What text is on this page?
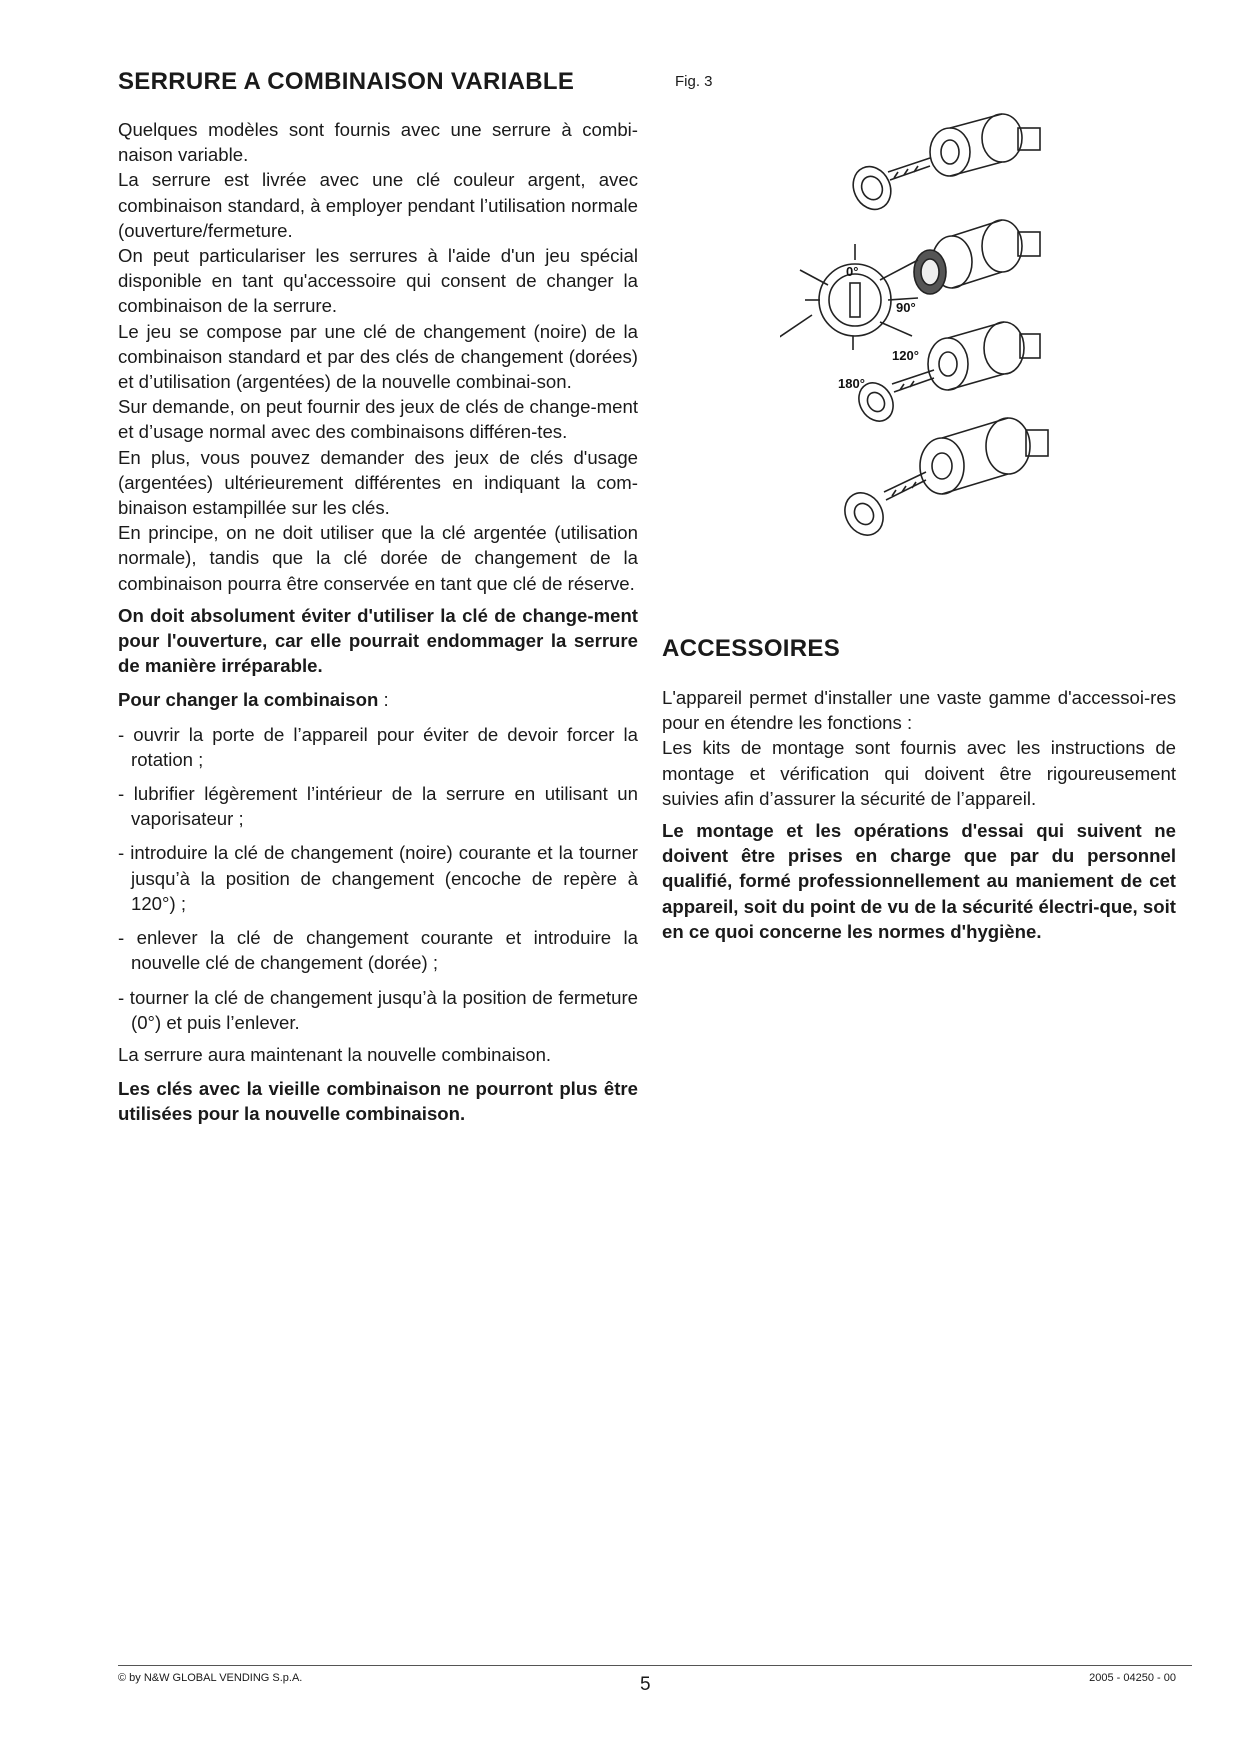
SERRURE A COMBINAISON VARIABLE

Quelques modèles sont fournis avec une serrure à combi-naison variable.

La serrure est livrée avec une clé couleur argent, avec combinaison standard, à employer pendant l’utilisation normale (ouverture/fermeture.

On peut particulariser les serrures à l'aide d'un jeu spécial disponible en tant qu'accessoire qui consent de changer la combinaison de la serrure.

Le jeu se compose par une clé de changement (noire) de la combinaison standard et par des clés de changement (dorées) et d’utilisation (argentées) de la nouvelle combinai-son.

Sur demande, on peut fournir des jeux de clés de change-ment et d’usage normal avec des combinaisons différen-tes.

En plus, vous pouvez demander des jeux de clés d'usage (argentées) ultérieurement différentes en indiquant la com-binaison estampillée sur les clés.

En principe, on ne doit utiliser que la clé argentée (utilisation normale), tandis que la clé dorée de changement de la combinaison pourra être conservée en tant que clé de réserve.

On doit absolument éviter d'utiliser la clé de change-ment pour l'ouverture, car elle pourrait endommager la serrure de manière irréparable.

Pour changer la combinaison :

- ouvrir la porte de l’appareil pour éviter de devoir forcer la rotation ;

- lubrifier légèrement l’intérieur de la serrure en utilisant un vaporisateur ;

- introduire la clé de changement (noire) courante et la tourner jusqu’à la position de changement (encoche de repère à 120°) ;

- enlever la clé de changement courante et introduire la nouvelle clé de changement (dorée) ;

- tourner la clé de changement jusqu’à la position de fermeture (0°) et puis l’enlever.

La serrure aura maintenant la nouvelle combinaison.

Les clés avec la vieille combinaison ne pourront plus être utilisées pour la nouvelle combinaison.

Fig. 3
0°
90°
120°
180°
ACCESSOIRES

L'appareil permet d'installer une vaste gamme d'accessoi-res pour en étendre les fonctions :

Les kits de montage sont fournis avec les instructions de montage et vérification qui doivent être rigoureusement suivies afin d’assurer la sécurité de l’appareil.

Le montage et les opérations d'essai qui suivent ne doivent être prises en charge que par du personnel qualifié, formé professionnellement au maniement de cet appareil, soit du point de vu de la sécurité électri-que, soit en ce quoi concerne les normes d'hygiène.

© by N&W GLOBAL VENDING S.p.A.	5	2005 - 04250 - 00
